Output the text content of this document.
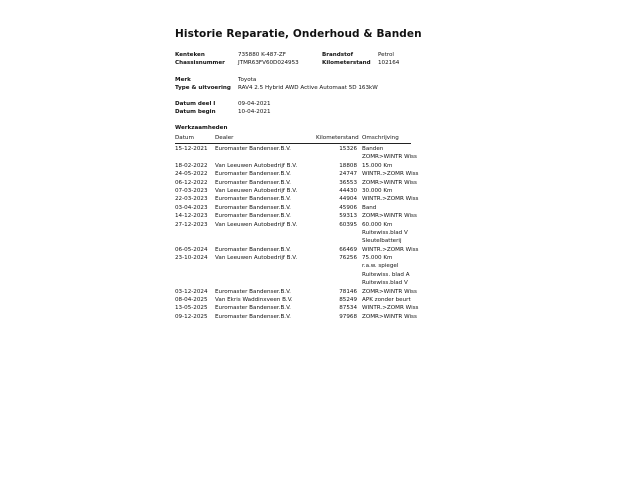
Historie Reparatie, Onderhoud & Banden
Kenteken	735880 K-487-ZF	Brandstof	Petrol
Chassisnummer JTMR63FV60D024953	Kilometerstand 102164
Merk	Toyota
Type & uitvoering RAV4 2.5 Hybrid AWD Active Automaat 5D 163kW
Datum deel I	09-04-2021
Datum begin	10-04-2021
Werkzaamheden
Datum	Dealer	Kilometerstand Omschrijving
15-12-2021 Euromaster Bandenser.B.V.	15326 Banden
ZOMR>WINTR Wiss
18-02-2022 Van Leeuwen Autobedrijf B.V.	18808 15.000 Km
24-05-2022 Euromaster Bandenser.B.V.	24747 WINTR.>ZOMR Wiss
06-12-2022 Euromaster Bandenser.B.V.	36553 ZOMR>WINTR Wiss
07-03-2023 Van Leeuwen Autobedrijf B.V.	44430 30.000 Km
22-03-2023 Euromaster Bandenser.B.V.	44904 WINTR.>ZOMR Wiss
03-04-2023 Euromaster Bandenser.B.V.	45906 Band
14-12-2023 Euromaster Bandenser.B.V.	59313 ZOMR>WINTR Wiss
27-12-2023 Van Leeuwen Autobedrijf B.V.	60395 60.000 Km
Ruitewiss.blad V
Sleutelbatterij
06-05-2024 Euromaster Bandenser.B.V.	66469 WINTR.>ZOMR Wiss
23-10-2024 Van Leeuwen Autobedrijf B.V.	76256 75.000 Km
r.a.w. spiegel
Ruitewiss. blad A
Ruitewiss.blad V
03-12-2024 Euromaster Bandenser.B.V.	78146 ZOMR>WINTR Wiss
08-04-2025 Van Ekris Waddinxveen B.V.	85249 APK zonder beurt
13-05-2025 Euromaster Bandenser.B.V.	87534 WINTR.>ZOMR Wiss
09-12-2025 Euromaster Bandenser.B.V.	97968 ZOMR>WINTR Wiss
